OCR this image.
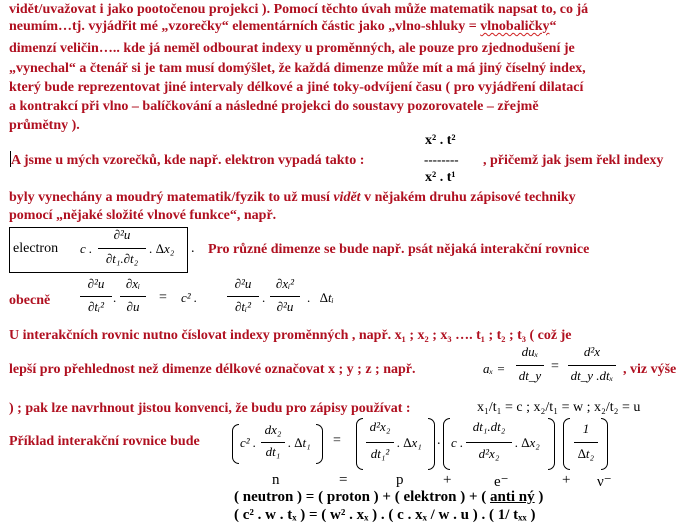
vidět/uvažovat i jako pootočenou projekci ). Pomocí těchto úvah může matematik napsat to, co já
neumím…tj. vyjádřit mé „vzorečky“ elementárních částic jako „vlno-shluky = vlnobaličky“
dimenzí veličin….. kde já neměl odbourat indexy u proměnných, ale pouze pro zjednodušení je
„vynechal“ a čtenář si je tam musí domýšlet, že každá dimenze může mít a má jiný číselný index,
který bude reprezentovat jiné intervaly délkové a jiné toky-odvíjení času ( pro vyjádření dilatací
a kontrakcí při vlno – balíčkování a následné projekci do soustavy pozorovatele – zřejmě
průmětny ).
A jsme u mých vzorečků, kde např. elektron vypadá takto :
x² . t²
--------
x² . t¹
, přičemž jak jsem řekl indexy
byly vynechány a moudrý matematik/fyzik to už musí vidět v nějakém druhu zápisové techniky
pomocí „nějaké složité vlnové funkce“, např.
electron c .
∂²u
∂t₁.∂t₂
. ∆x₂ . Pro různé dimenze se bude např. psát nějaká interakční rovnice
obecně
∂²u
∂tᵢ²
.
∂xᵢ
∂u
= c² .
∂²u
∂tᵢ²
.
∂xᵢ²
∂²u
. ∆tᵢ
U interakčních rovnic nutno číslovat indexy proměnných , např. x₁ ; x₂ ; x₃ …. t₁ ; t₂ ; t₃ ( což je
lepší pro přehlednost než dimenze délkové označovat x ; y ; z ; např.	aₓ =
duₓ
dt_y
=
d²x
dt_y .dtₓ , viz výše
) ; pak lze navrhnout jistou konvenci, že budu pro zápisy používat :	x₁/t₁ = c ; x₂/t₁ = w ; x₂/t₂ = u
Příklad interakční rovnice bude	c² .
dx₂
dt₁
. ∆t₁ =
d²x₂
dt₁²
. ∆x₁ . c .
dt₁.dt₂
d²x₂
. ∆x₂
1
∆t₂
n	=	p	+	e⁻	+ ν⁻
( neutron ) = ( proton ) + ( elektron ) + ( anti ný )
( c² . w . tₓ ) = ( w² . xₓ ) . ( c . xₓ / w . u ) . ( 1/ tₓₓ )
